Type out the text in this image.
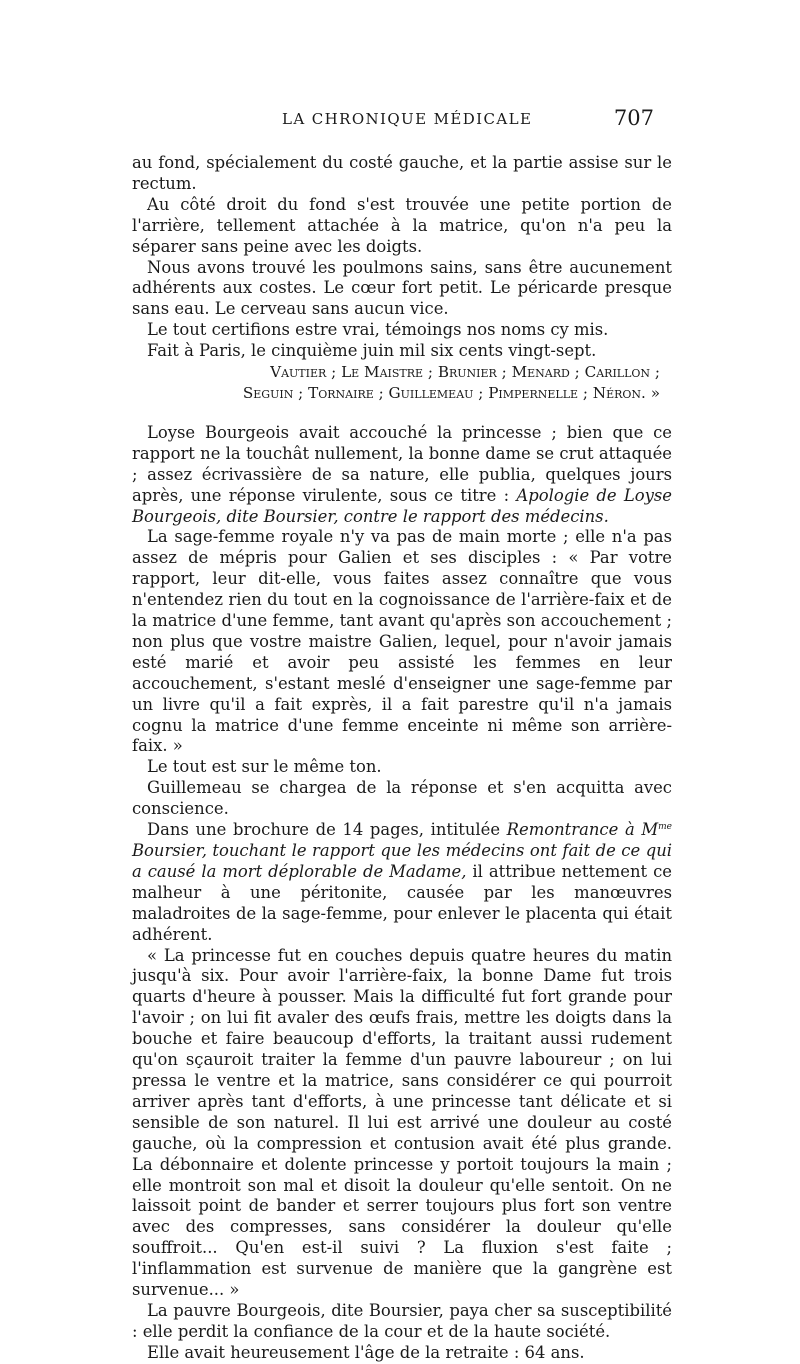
LA CHRONIQUE MÉDICALE	707

au fond, spécialement du costé gauche, et la partie assise sur le rectum.

Au côté droit du fond s'est trouvée une petite portion de l'arrière, tellement attachée à la matrice, qu'on n'a peu la séparer sans peine avec les doigts.

Nous avons trouvé les poulmons sains, sans être aucunement adhérents aux costes. Le cœur fort petit. Le péricarde presque sans eau. Le cerveau sans aucun vice.

Le tout certifions estre vrai, témoings nos noms cy mis.

Fait à Paris, le cinquième juin mil six cents vingt-sept.

Vautier ; Le Maistre ; Brunier ; Menard ; Carillon ;
Seguin ; Tornaire ; Guillemeau ; Pimpernelle ; Néron. »

Loyse Bourgeois avait accouché la princesse ; bien que ce rapport ne la touchât nullement, la bonne dame se crut attaquée ; assez écrivassière de sa nature, elle publia, quelques jours après, une réponse virulente, sous ce titre : Apologie de Loyse Bourgeois, dite Boursier, contre le rapport des médecins.

La sage-femme royale n'y va pas de main morte ; elle n'a pas assez de mépris pour Galien et ses disciples : « Par votre rapport, leur dit-elle, vous faites assez connaître que vous n'entendez rien du tout en la cognoissance de l'arrière-faix et de la matrice d'une femme, tant avant qu'après son accouchement ; non plus que vostre maistre Galien, lequel, pour n'avoir jamais esté marié et avoir peu assisté les femmes en leur accouchement, s'estant meslé d'enseigner une sage-femme par un livre qu'il a fait exprès, il a fait parestre qu'il n'a jamais cognu la matrice d'une femme enceinte ni même son arrière-faix. »

Le tout est sur le même ton.

Guillemeau se chargea de la réponse et s'en acquitta avec conscience.

Dans une brochure de 14 pages, intitulée Remontrance à $M^{me}$ Boursier, touchant le rapport que les médecins ont fait de ce qui a causé la mort déplorable de Madame, il attribue nettement ce malheur à une péritonite, causée par les manœuvres maladroites de la sage-femme, pour enlever le placenta qui était adhérent.

« La princesse fut en couches depuis quatre heures du matin jusqu'à six. Pour avoir l'arrière-faix, la bonne Dame fut trois quarts d'heure à pousser. Mais la difficulté fut fort grande pour l'avoir ; on lui fit avaler des œufs frais, mettre les doigts dans la bouche et faire beaucoup d'efforts, la traitant aussi rudement qu'on sçauroit traiter la femme d'un pauvre laboureur ; on lui pressa le ventre et la matrice, sans considérer ce qui pourroit arriver après tant d'efforts, à une princesse tant délicate et si sensible de son naturel. Il lui est arrivé une douleur au costé gauche, où la compression et contusion avait été plus grande. La débonnaire et dolente princesse y portoit toujours la main ; elle montroit son mal et disoit la douleur qu'elle sentoit. On ne laissoit point de bander et serrer toujours plus fort son ventre avec des compresses, sans considérer la douleur qu'elle souffroit... Qu'en est-il suivi ? La fluxion s'est faite ; l'inflammation est survenue de manière que la gangrène est survenue... »

La pauvre Bourgeois, dite Boursier, paya cher sa susceptibilité : elle perdit la confiance de la cour et de la haute société.

Elle avait heureusement l'âge de la retraite : 64 ans.
